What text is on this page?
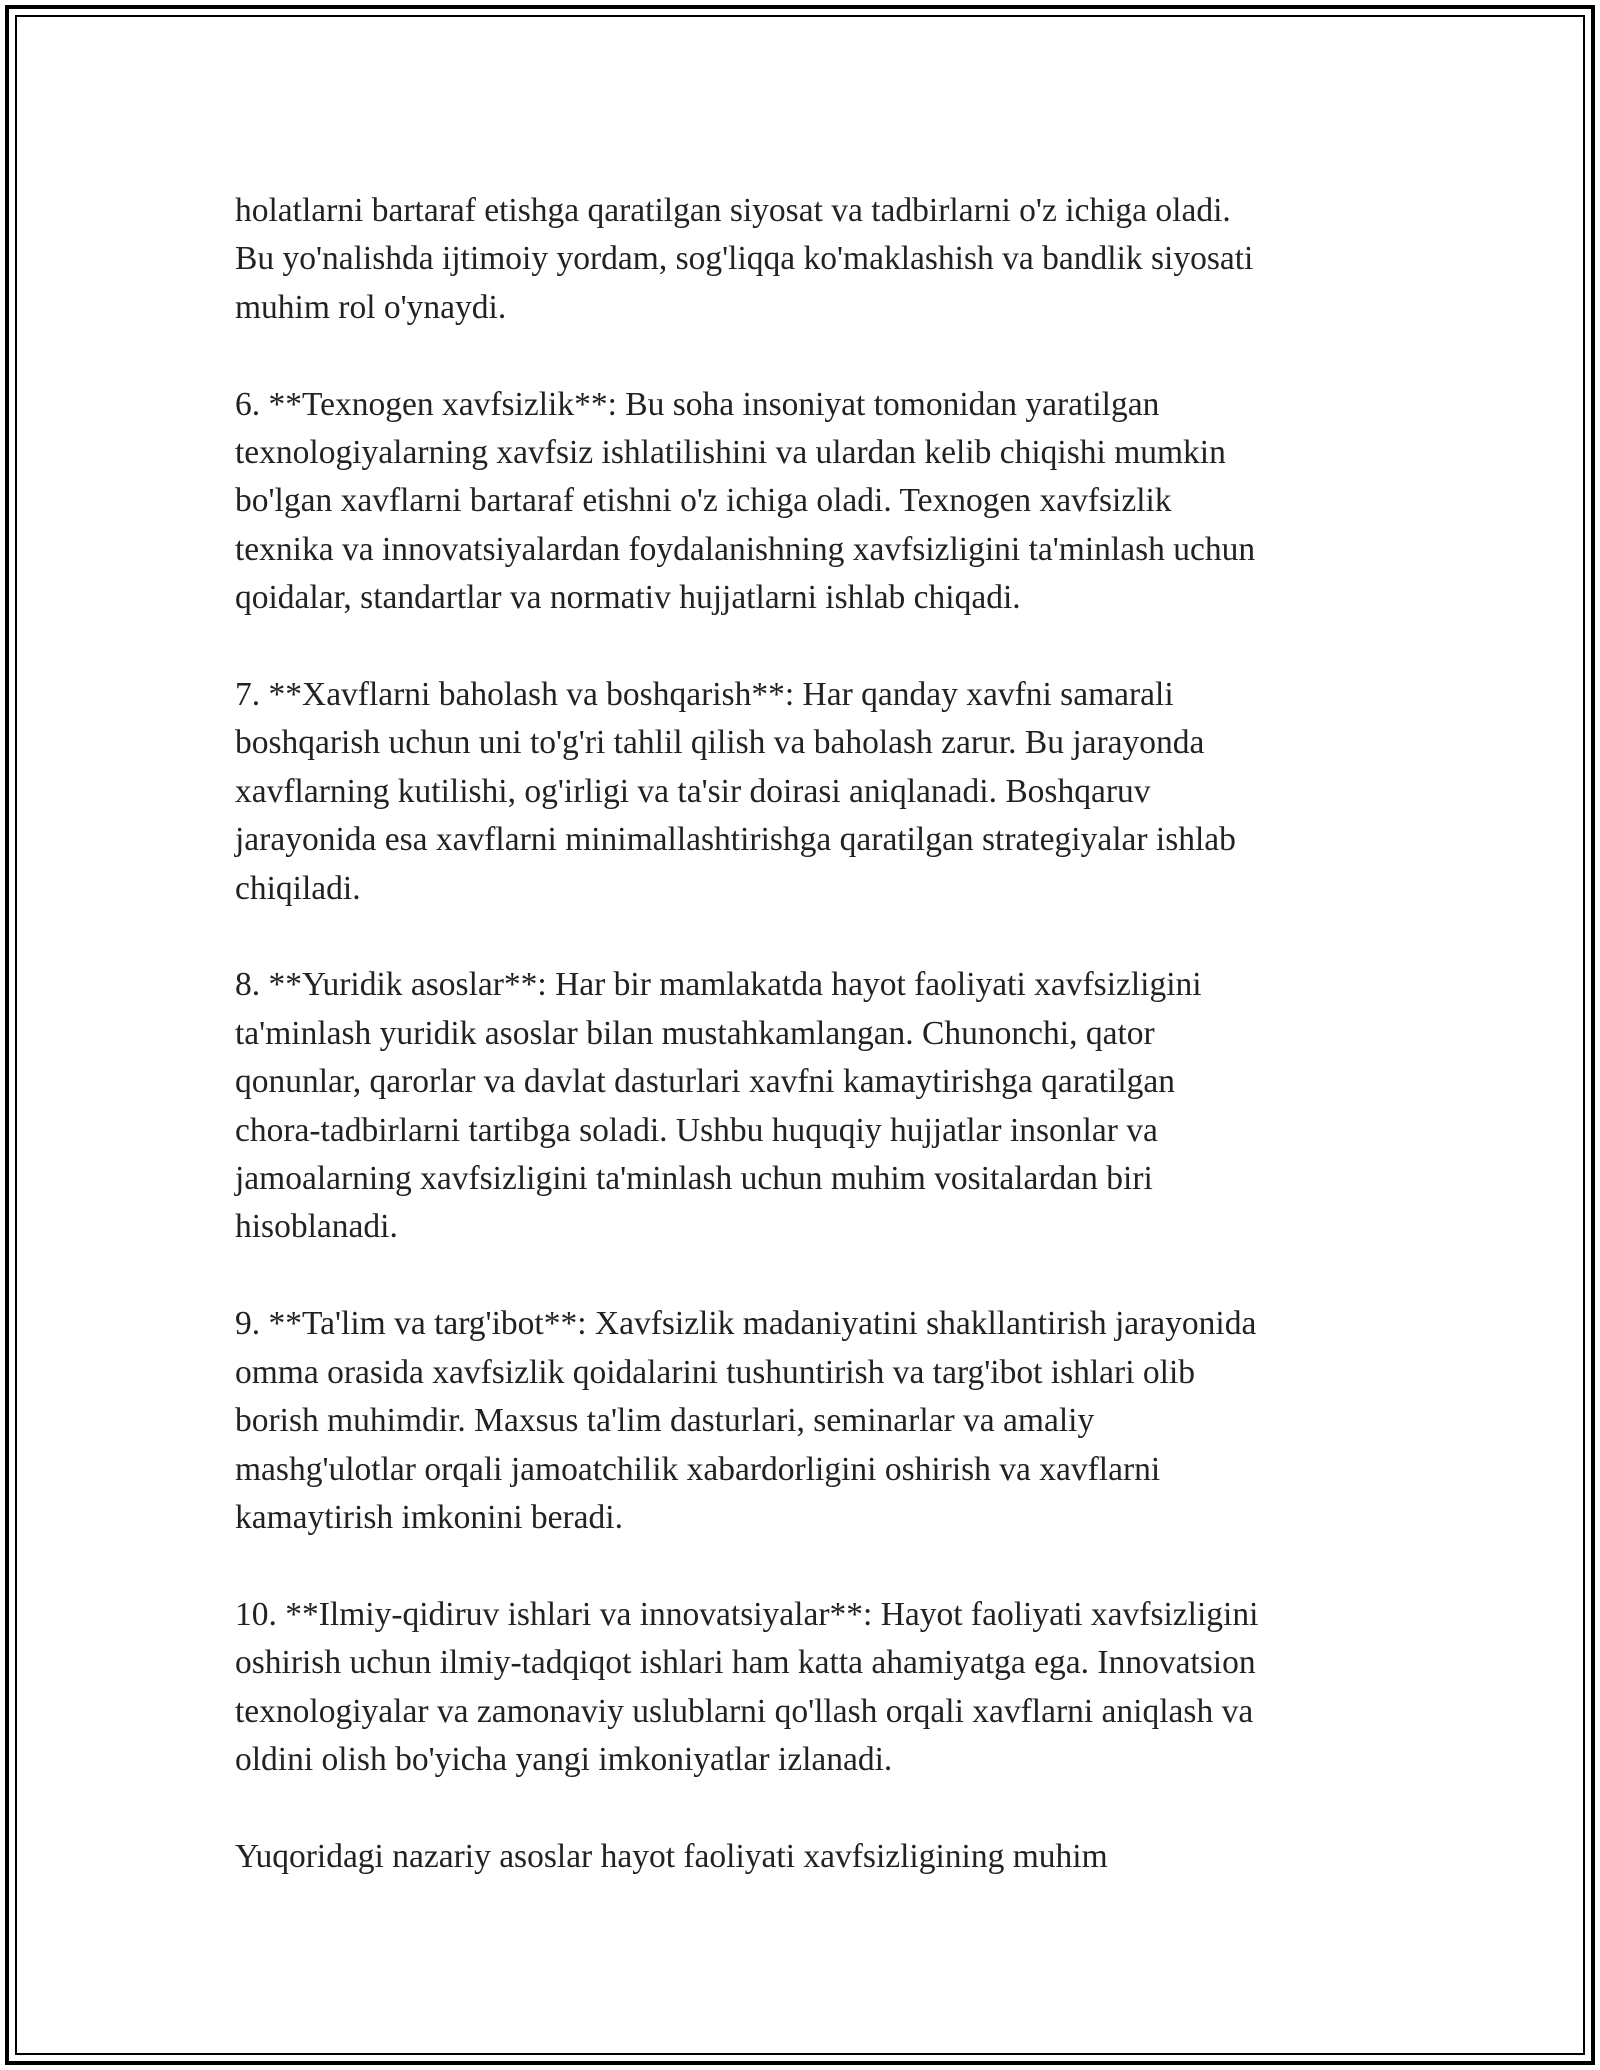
holatlarni bartaraf etishga qaratilgan siyosat va tadbirlarni o'z ichiga oladi.
Bu yo'nalishda ijtimoiy yordam, sog'liqqa ko'maklashish va bandlik siyosati
muhim rol o'ynaydi.

6. **Texnogen xavfsizlik**: Bu soha insoniyat tomonidan yaratilgan
texnologiyalarning xavfsiz ishlatilishini va ulardan kelib chiqishi mumkin
bo'lgan xavflarni bartaraf etishni o'z ichiga oladi. Texnogen xavfsizlik
texnika va innovatsiyalardan foydalanishning xavfsizligini ta'minlash uchun
qoidalar, standartlar va normativ hujjatlarni ishlab chiqadi.

7. **Xavflarni baholash va boshqarish**: Har qanday xavfni samarali
boshqarish uchun uni to'g'ri tahlil qilish va baholash zarur. Bu jarayonda
xavflarning kutilishi, og'irligi va ta'sir doirasi aniqlanadi. Boshqaruv
jarayonida esa xavflarni minimallashtirishga qaratilgan strategiyalar ishlab
chiqiladi.

8. **Yuridik asoslar**: Har bir mamlakatda hayot faoliyati xavfsizligini
ta'minlash yuridik asoslar bilan mustahkamlangan. Chunonchi, qator
qonunlar, qarorlar va davlat dasturlari xavfni kamaytirishga qaratilgan
chora-tadbirlarni tartibga soladi. Ushbu huquqiy hujjatlar insonlar va
jamoalarning xavfsizligini ta'minlash uchun muhim vositalardan biri
hisoblanadi.

9. **Ta'lim va targ'ibot**: Xavfsizlik madaniyatini shakllantirish jarayonida
omma orasida xavfsizlik qoidalarini tushuntirish va targ'ibot ishlari olib
borish muhimdir. Maxsus ta'lim dasturlari, seminarlar va amaliy
mashg'ulotlar orqali jamoatchilik xabardorligini oshirish va xavflarni
kamaytirish imkonini beradi.

10. **Ilmiy-qidiruv ishlari va innovatsiyalar**: Hayot faoliyati xavfsizligini
oshirish uchun ilmiy-tadqiqot ishlari ham katta ahamiyatga ega. Innovatsion
texnologiyalar va zamonaviy uslublarni qo'llash orqali xavflarni aniqlash va
oldini olish bo'yicha yangi imkoniyatlar izlanadi.

Yuqoridagi nazariy asoslar hayot faoliyati xavfsizligining muhim
